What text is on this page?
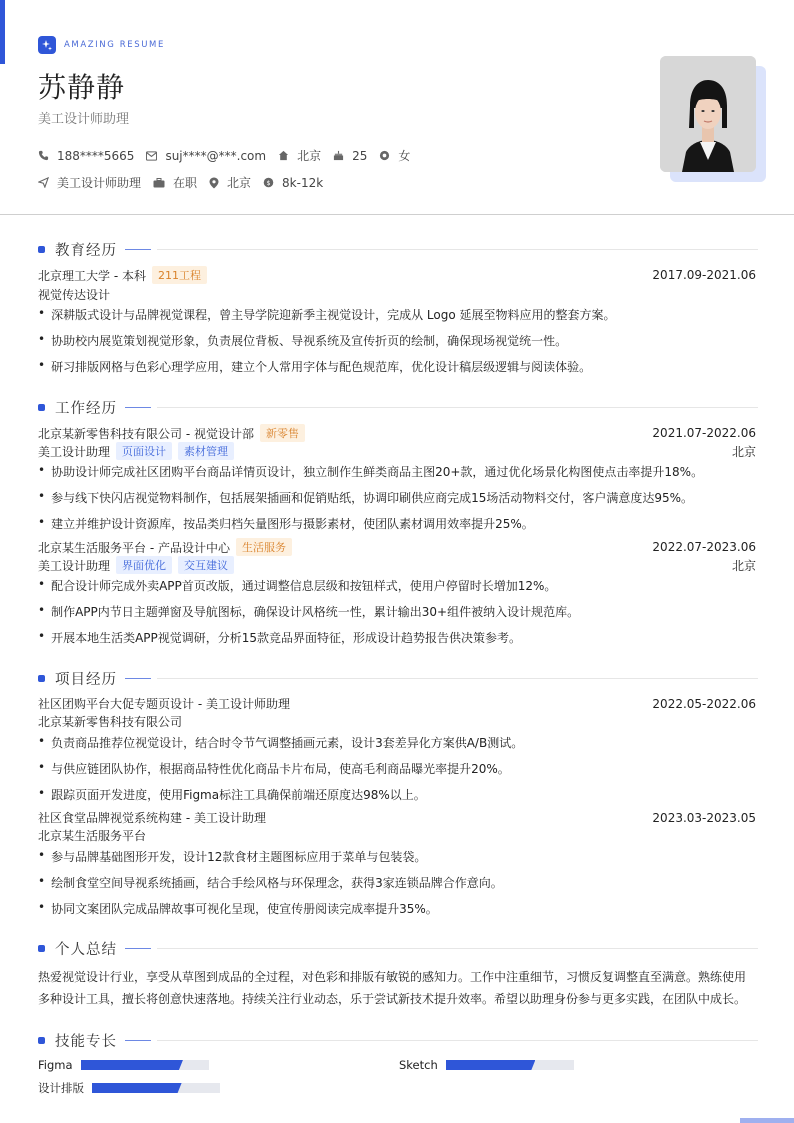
AMAZING RESUME
苏静静
美工设计师助理
188****5665	suj****@***.com	北京	25	女
美工设计师助理	在职	北京 $ 8k-12k
教育经历
北京理工大学 - 本科	211工程	2017.09-2021.06
视觉传达设计
• 深耕版式设计与品牌视觉课程，曾主导学院迎新季主视觉设计，完成从 Logo 延展至物料应用的整套方案。
• 协助校内展览策划视觉形象，负责展位背板、导视系统及宣传折页的绘制，确保现场视觉统一性。
• 研习排版网格与色彩心理学应用，建立个人常用字体与配色规范库，优化设计稿层级逻辑与阅读体验。
工作经历
北京某新零售科技有限公司 - 视觉设计部	新零售	2021.07-2022.06
美工设计助理	页面设计	素材管理	北京
• 协助设计师完成社区团购平台商品详情页设计，独立制作生鲜类商品主图20+款，通过优化场景化构图使点击率提升18%。
• 参与线下快闪店视觉物料制作，包括展架插画和促销贴纸，协调印刷供应商完成15场活动物料交付，客户满意度达95%。
• 建立并维护设计资源库，按品类归档矢量图形与摄影素材，使团队素材调用效率提升25%。
北京某生活服务平台 - 产品设计中心	生活服务	2022.07-2023.06
美工设计助理	界面优化	交互建议	北京
• 配合设计师完成外卖APP首页改版，通过调整信息层级和按钮样式，使用户停留时长增加12%。
• 制作APP内节日主题弹窗及导航图标，确保设计风格统一性，累计输出30+组件被纳入设计规范库。
• 开展本地生活类APP视觉调研，分析15款竞品界面特征，形成设计趋势报告供决策参考。
项目经历
社区团购平台大促专题页设计 - 美工设计师助理	2022.05-2022.06
北京某新零售科技有限公司
• 负责商品推荐位视觉设计，结合时令节气调整插画元素，设计3套差异化方案供A/B测试。
• 与供应链团队协作，根据商品特性优化商品卡片布局，使高毛利商品曝光率提升20%。
• 跟踪页面开发进度，使用Figma标注工具确保前端还原度达98%以上。
社区食堂品牌视觉系统构建 - 美工设计助理	2023.03-2023.05
北京某生活服务平台
• 参与品牌基础图形开发，设计12款食材主题图标应用于菜单与包装袋。
• 绘制食堂空间导视系统插画，结合手绘风格与环保理念，获得3家连锁品牌合作意向。
• 协同文案团队完成品牌故事可视化呈现，使宣传册阅读完成率提升35%。
个人总结
热爱视觉设计行业，享受从草图到成品的全过程，对色彩和排版有敏锐的感知力。工作中注重细节，习惯反复调整直至满意。熟练使用多种设计工具，擅长将创意快速落地。持续关注行业动态，乐于尝试新技术提升效率。希望以助理身份参与更多实践，在团队中成长。
技能专长
Figma	Sketch
设计排版
